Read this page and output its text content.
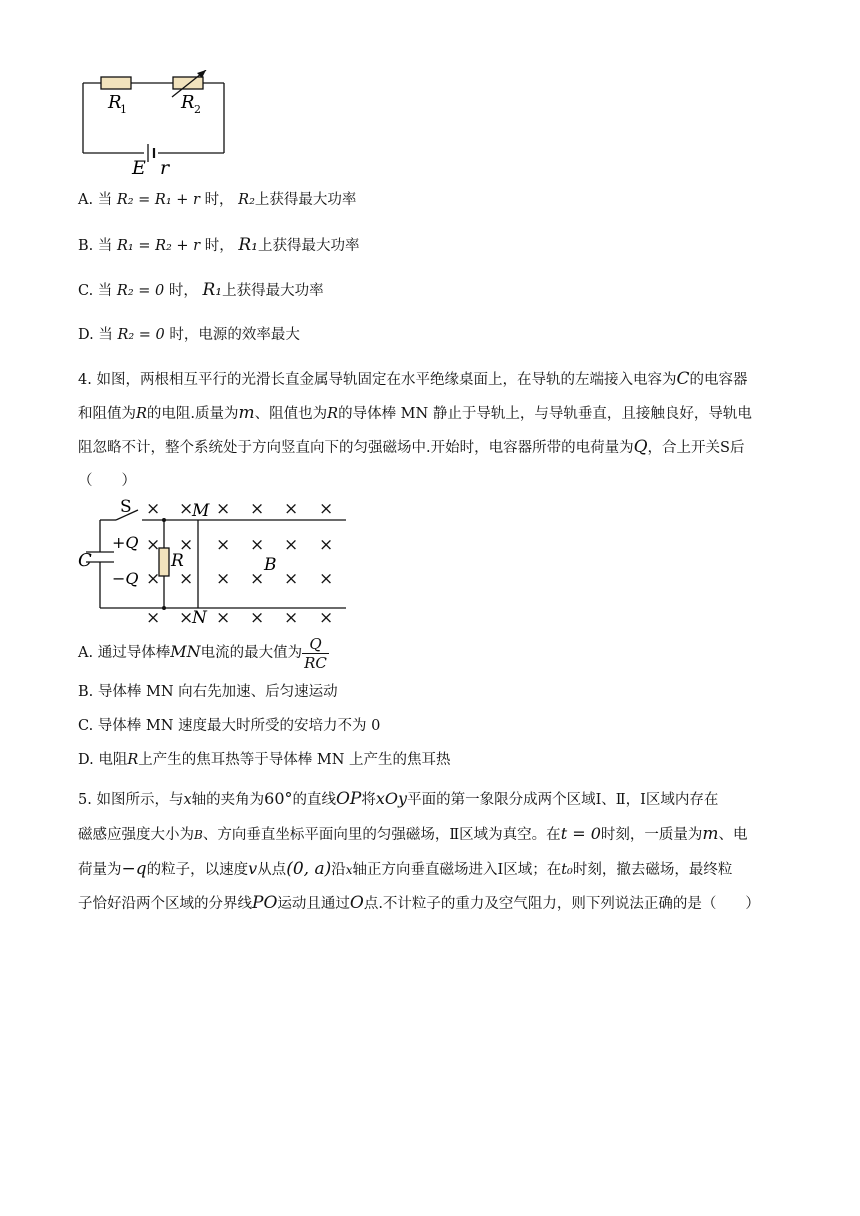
R
1	R 2
E r
A. 当 R₂ = R₁ + r 时， R₂上获得最大功率
B. 当 R₁ = R₂ + r 时， R₁上获得最大功率
C. 当 R₂ = 0 时， R₁上获得最大功率
D. 当 R₂ = 0 时，电源的效率最大
4. 如图，两根相互平行的光滑长直金属导轨固定在水平绝缘桌面上，在导轨的左端接入电容为C的电容器
和阻值为R的电阻.质量为m、阻值也为R的导体棒 MN 静止于导轨上，与导轨垂直，且接触良好，导轨电
阻忽略不计，整个系统处于方向竖直向下的匀强磁场中.开始时，电容器所带的电荷量为Q，合上开关S后
（　　）
S	M
N
C
+Q
−Q
R	B
× × × × × ×
× × × × × ×
× × × × × ×
× × × × × ×
A. 通过导体棒MN电流的最大值为 $\frac{Q}{RC}$
B. 导体棒 MN 向右先加速、后匀速运动
C. 导体棒 MN 速度最大时所受的安培力不为 0
D. 电阻R上产生的焦耳热等于导体棒 MN 上产生的焦耳热
5. 如图所示，与x轴的夹角为60°的直线OP将xOy平面的第一象限分成两个区域Ⅰ、Ⅱ，Ⅰ区域内存在
磁感应强度大小为B、方向垂直坐标平面向里的匀强磁场，Ⅱ区域为真空。在t = 0时刻，一质量为m、电
荷量为−q的粒子，以速度v从点(0, a)沿x轴正方向垂直磁场进入Ⅰ区域；在t₀时刻，撤去磁场，最终粒
子恰好沿两个区域的分界线PO运动且通过O点.不计粒子的重力及空气阻力，则下列说法正确的是（　　）
